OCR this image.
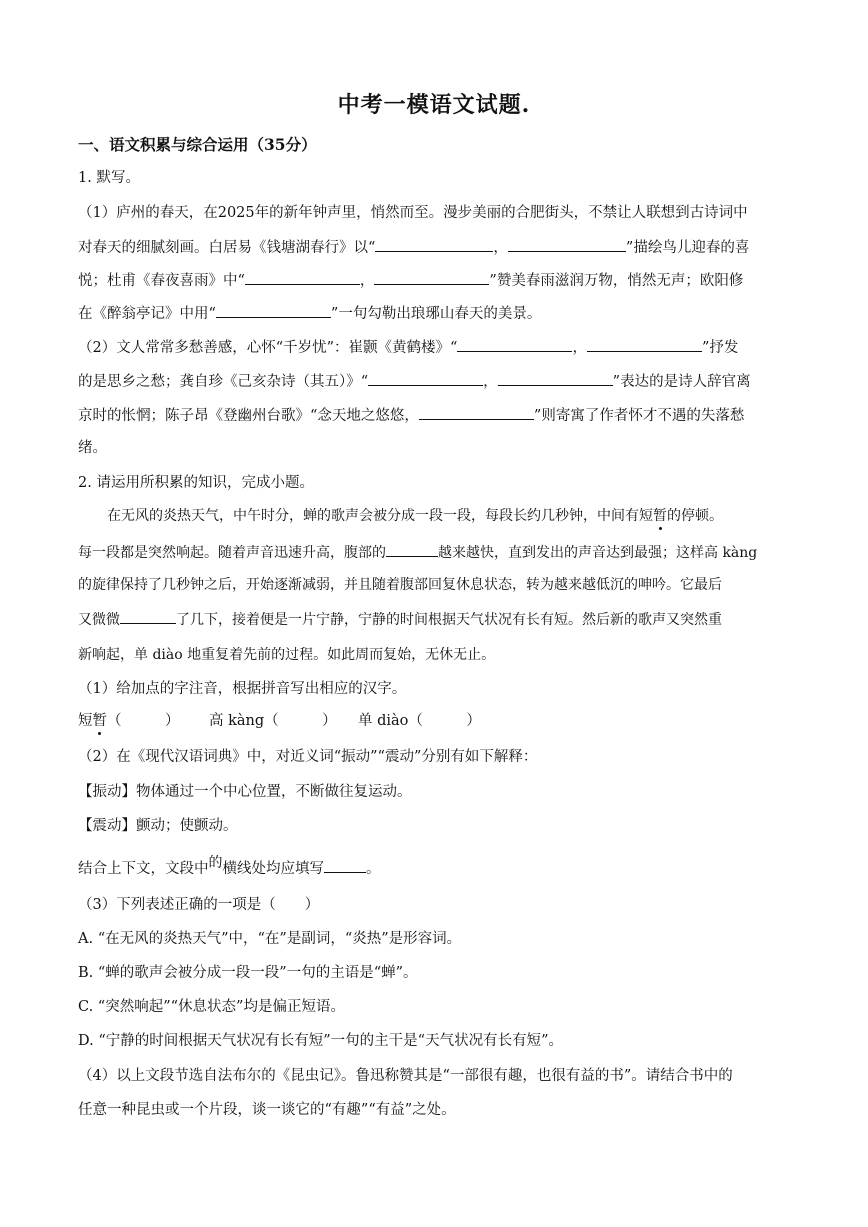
中考一模语文试题.
一、语文积累与综合运用（35分）
1. 默写。
（1）庐州的春天，在2025年的新年钟声里，悄然而至。漫步美丽的合肥街头，不禁让人联想到古诗词中
对春天的细腻刻画。白居易《钱塘湖春行》以“	，	”描绘鸟儿迎春的喜
悦；杜甫《春夜喜雨》中“	，	”赞美春雨滋润万物，悄然无声；欧阳修
在《醉翁亭记》中用“	”一句勾勒出琅琊山春天的美景。
（2）文人常常多愁善感，心怀“千岁忧”：崔颢《黄鹤楼》“	，	”抒发
的是思乡之愁；龚自珍《己亥杂诗（其五）》“	，	”表达的是诗人辞官离
京时的怅惘；陈子昂《登幽州台歌》“念天地之悠悠，	”则寄寓了作者怀才不遇的失落愁
绪。
2. 请运用所积累的知识，完成小题。
在无风的炎热天气，中午时分，蝉的歌声会被分成一段一段，每段长约几秒钟，中间有短暂的停顿。
每一段都是突然响起。随着声音迅速升高，腹部的	越来越快，直到发出的声音达到最强；这样高 kàng
的旋律保持了几秒钟之后，开始逐渐减弱，并且随着腹部回复休息状态，转为越来越低沉的呻吟。它最后
又微微	了几下，接着便是一片宁静，宁静的时间根据天气状况有长有短。然后新的歌声又突然重
新响起，单 diào 地重复着先前的过程。如此周而复始，无休无止。
（1）给加点的字注音，根据拼音写出相应的汉字。
短暂（　　　） 高 kàng（　　　） 单 diào（　　　）
（2）在《现代汉语词典》中，对近义词“振动”“震动”分别有如下解释：
【振动】物体通过一个中心位置，不断做往复运动。
【震动】颤动；使颤动。
结合上下文，文段中的横线处均应填写	。
（3）下列表述正确的一项是（　　）
A. “在无风的炎热天气”中，“在”是副词，“炎热”是形容词。
B. “蝉的歌声会被分成一段一段”一句的主语是“蝉”。
C. “突然响起”“休息状态”均是偏正短语。
D. “宁静的时间根据天气状况有长有短”一句的主干是“天气状况有长有短”。
（4）以上文段节选自法布尔的《昆虫记》。鲁迅称赞其是“一部很有趣，也很有益的书”。请结合书中的
任意一种昆虫或一个片段，谈一谈它的“有趣”“有益”之处。
